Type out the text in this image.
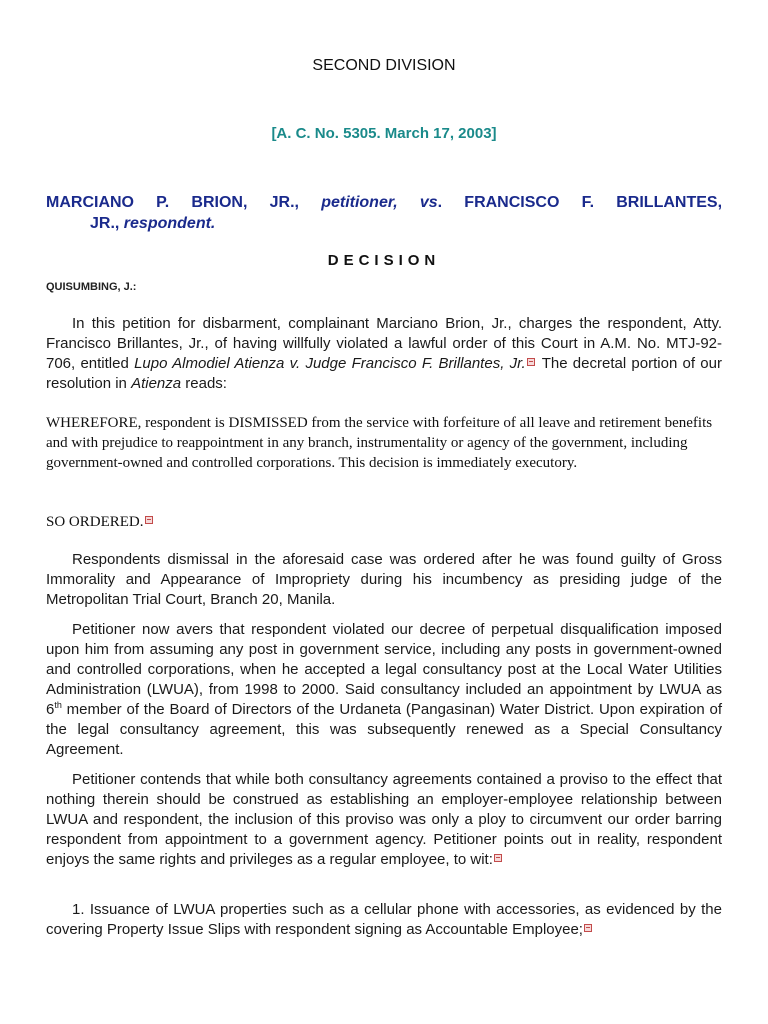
SECOND DIVISION
[A. C. No. 5305. March 17, 2003]
MARCIANO P. BRION, JR., petitioner, vs. FRANCISCO F. BRILLANTES,
JR., respondent.
DECISION
QUISUMBING, J.:
In this petition for disbarment, complainant Marciano Brion, Jr., charges the respondent, Atty. Francisco Brillantes, Jr., of having willfully violated a lawful order of this Court in A.M. No. MTJ-92-706, entitled Lupo Almodiel Atienza v. Judge Francisco F. Brillantes, Jr. The decretal portion of our resolution in Atienza reads:
WHEREFORE, respondent is DISMISSED from the service with forfeiture of all leave and retirement benefits and with prejudice to reappointment in any branch, instrumentality or agency of the government, including government-owned and controlled corporations. This decision is immediately executory.
SO ORDERED.
Respondents dismissal in the aforesaid case was ordered after he was found guilty of Gross Immorality and Appearance of Impropriety during his incumbency as presiding judge of the Metropolitan Trial Court, Branch 20, Manila.
Petitioner now avers that respondent violated our decree of perpetual disqualification imposed upon him from assuming any post in government service, including any posts in government-owned and controlled corporations, when he accepted a legal consultancy post at the Local Water Utilities Administration (LWUA), from 1998 to 2000. Said consultancy included an appointment by LWUA as 6th member of the Board of Directors of the Urdaneta (Pangasinan) Water District. Upon expiration of the legal consultancy agreement, this was subsequently renewed as a Special Consultancy Agreement.
Petitioner contends that while both consultancy agreements contained a proviso to the effect that nothing therein should be construed as establishing an employer-employee relationship between LWUA and respondent, the inclusion of this proviso was only a ploy to circumvent our order barring respondent from appointment to a government agency. Petitioner points out in reality, respondent enjoys the same rights and privileges as a regular employee, to wit:
1. Issuance of LWUA properties such as a cellular phone with accessories, as evidenced by the covering Property Issue Slips with respondent signing as Accountable Employee;
